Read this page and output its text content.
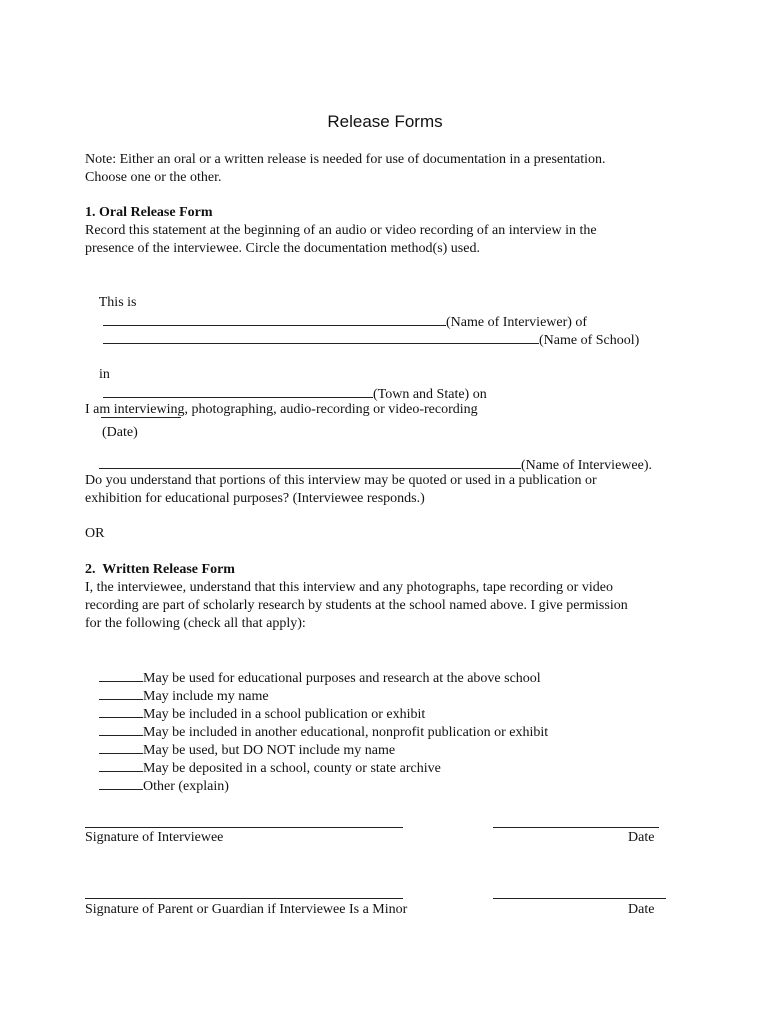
Release Forms

Note: Either an oral or a written release is needed for use of documentation in a presentation.

Choose one or the other.

1. Oral Release Form

Record this statement at the beginning of an audio or video recording of an interview in the

presence of the interviewee. Circle the documentation method(s) used.

This is
(Name of Interviewer) of

(Name of School)

in
(Town and State) on

(Date)

I am interviewing, photographing, audio-recording or video-recording

(Name of Interviewee).

Do you understand that portions of this interview may be quoted or used in a publication or

exhibition for educational purposes? (Interviewee responds.)

OR

2.  Written Release Form

I, the interviewee, understand that this interview and any photographs, tape recording or video

recording are part of scholarly research by students at the school named above. I give permission

for the following (check all that apply):

May be used for educational purposes and research at the above school

May include my name

May be included in a school publication or exhibit

May be included in another educational, nonprofit publication or exhibit

May be used, but DO NOT include my name

May be deposited in a school, county or state archive

Other (explain)

Signature of Interviewee	Date

Signature of Parent or Guardian if Interviewee Is a Minor	Date
